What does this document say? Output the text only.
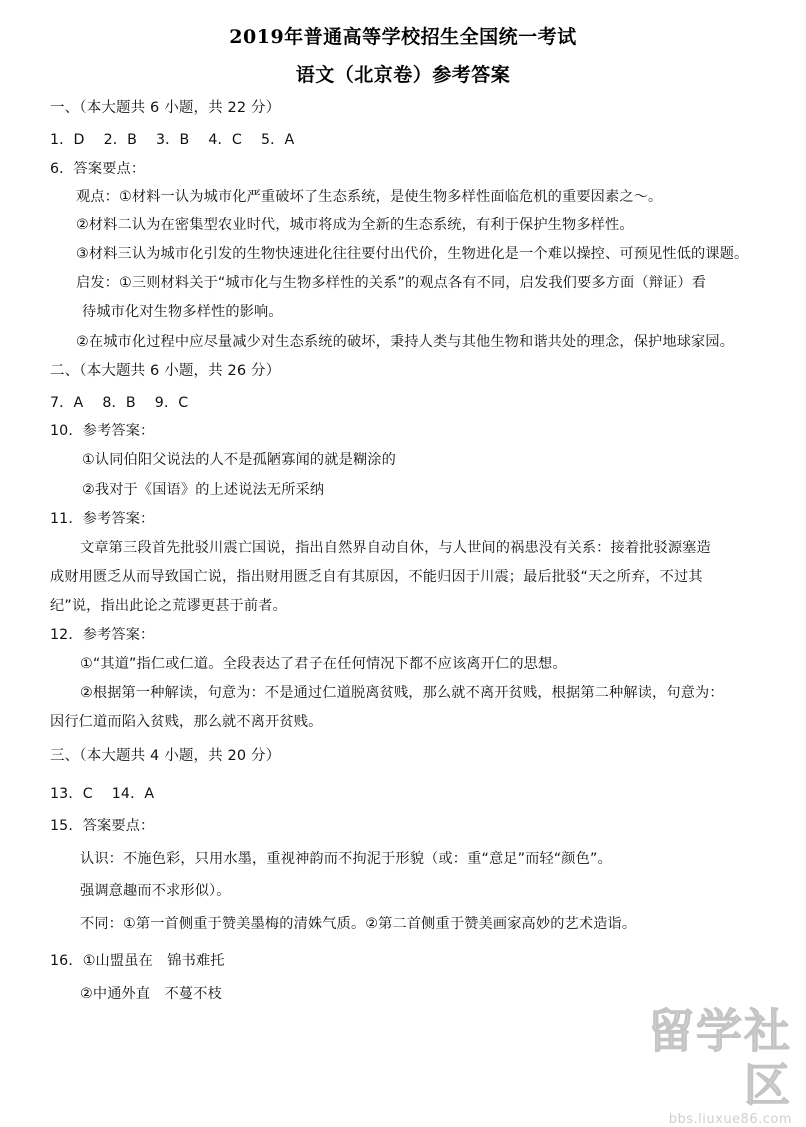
2019年普通高等学校招生全国统一考试
语文（北京卷）参考答案
一、（本大题共 6 小题，共 22 分）
1．D　 2．B　 3．B　 4．C　 5．A
6．答案要点：
观点：①材料一认为城市化严重破坏了生态系统，是使生物多样性面临危机的重要因素之～。
②材料二认为在密集型农业时代，城市将成为全新的生态系统，有利于保护生物多样性。
③材料三认为城市化引发的生物快速进化往往要付出代价，生物进化是一个难以操控、可预见性低的课题。
启发：①三则材料关于“城市化与生物多样性的关系”的观点各有不同，启发我们要多方面（辩证）看
待城市化对生物多样性的影响。
②在城市化过程中应尽量减少对生态系统的破坏，秉持人类与其他生物和谐共处的理念，保护地球家园。
二、（本大题共 6 小题，共 26 分）
7．A　 8．B　 9．C
10．参考答案：
①认同伯阳父说法的人不是孤陋寡闻的就是糊涂的
②我对于《国语》的上述说法无所采纳
11．参考答案：
文章第三段首先批驳川震亡国说，指出自然界自动自休，与人世间的祸患没有关系：接着批驳源塞造
成财用匮乏从而导致国亡说，指出财用匮乏自有其原因，不能归因于川震；最后批驳“天之所弃，不过其
纪”说，指出此论之荒谬更甚于前者。
12．参考答案：
①“其道”指仁或仁道。全段表达了君子在任何情况下都不应该离开仁的思想。
②根据第一种解读，句意为：不是通过仁道脱离贫贱，那么就不离开贫贱，根据第二种解读，句意为：
因行仁道而陷入贫贱，那么就不离开贫贱。
三、（本大题共 4 小题，共 20 分）
13．C　 14．A
15．答案要点：
认识：不施色彩，只用水墨，重视神韵而不拘泥于形貌（或：重“意足”而轻“颜色”。
强调意趣而不求形似）。
不同：①第一首侧重于赞美墨梅的清姝气质。②第二首侧重于赞美画家高妙的艺术造诣。
16．①山盟虽在　锦书难托
②中通外直　不蔓不枝
留学社区
bbs.liuxue86.com
